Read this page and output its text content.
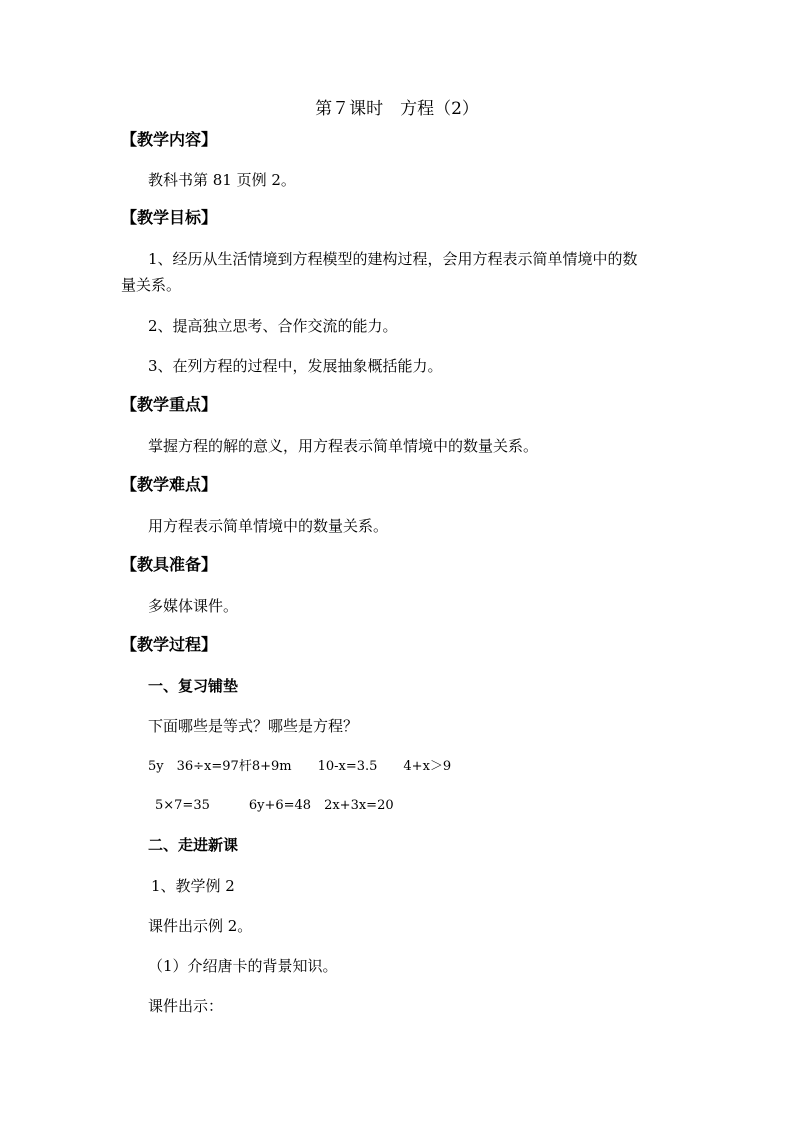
第７课时　方程（2）
【教学内容】
教科书第 81 页例 2。
【教学目标】
1、经历从生活情境到方程模型的建构过程，会用方程表示简单情境中的数
量关系。
2、提高独立思考、合作交流的能力。
3、在列方程的过程中，发展抽象概括能力。
【教学重点】
掌握方程的解的意义，用方程表示简单情境中的数量关系。
【教学难点】
用方程表示简单情境中的数量关系。
【教具准备】
多媒体课件。
【教学过程】
一、复习铺垫
下面哪些是等式？哪些是方程？
5y　36÷x=97杆8+9m　　10-x=3.5　　4+x＞9
5×7=35　　　6y+6=48　2x+3x=20
二、走进新课
1、教学例 2
课件出示例 2。
（1）介绍唐卡的背景知识。
课件出示：
